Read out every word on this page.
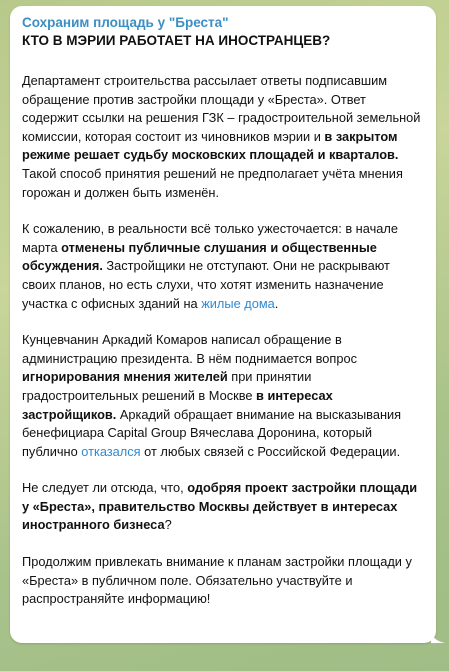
Сохраним площадь у "Бреста"
КТО В МЭРИИ РАБОТАЕТ НА ИНОСТРАНЦЕВ?

Департамент строительства рассылает ответы подписавшим обращение против застройки площади у «Бреста». Ответ содержит ссылки на решения ГЗК – градостроительной земельной комиссии, которая состоит из чиновников мэрии и в закрытом режиме решает судьбу московских площадей и кварталов. Такой способ принятия решений не предполагает учёта мнения горожан и должен быть изменён.

К сожалению, в реальности всё только ужесточается: в начале марта отменены публичные слушания и общественные обсуждения. Застройщики не отступают. Они не раскрывают своих планов, но есть слухи, что хотят изменить назначение участка с офисных зданий на жилые дома.

Кунцевчанин Аркадий Комаров написал обращение в администрацию президента. В нём поднимается вопрос игнорирования мнения жителей при принятии градостроительных решений в Москве в интересах застройщиков. Аркадий обращает внимание на высказывания бенефициара Capital Group Вячеслава Доронина, который публично отказался от любых связей с Российской Федерации.

Не следует ли отсюда, что, одобряя проект застройки площади у «Бреста», правительство Москвы действует в интересах иностранного бизнеса?

Продолжим привлекать внимание к планам застройки площади у «Бреста» в публичном поле. Обязательно участвуйте и распространяйте информацию!
